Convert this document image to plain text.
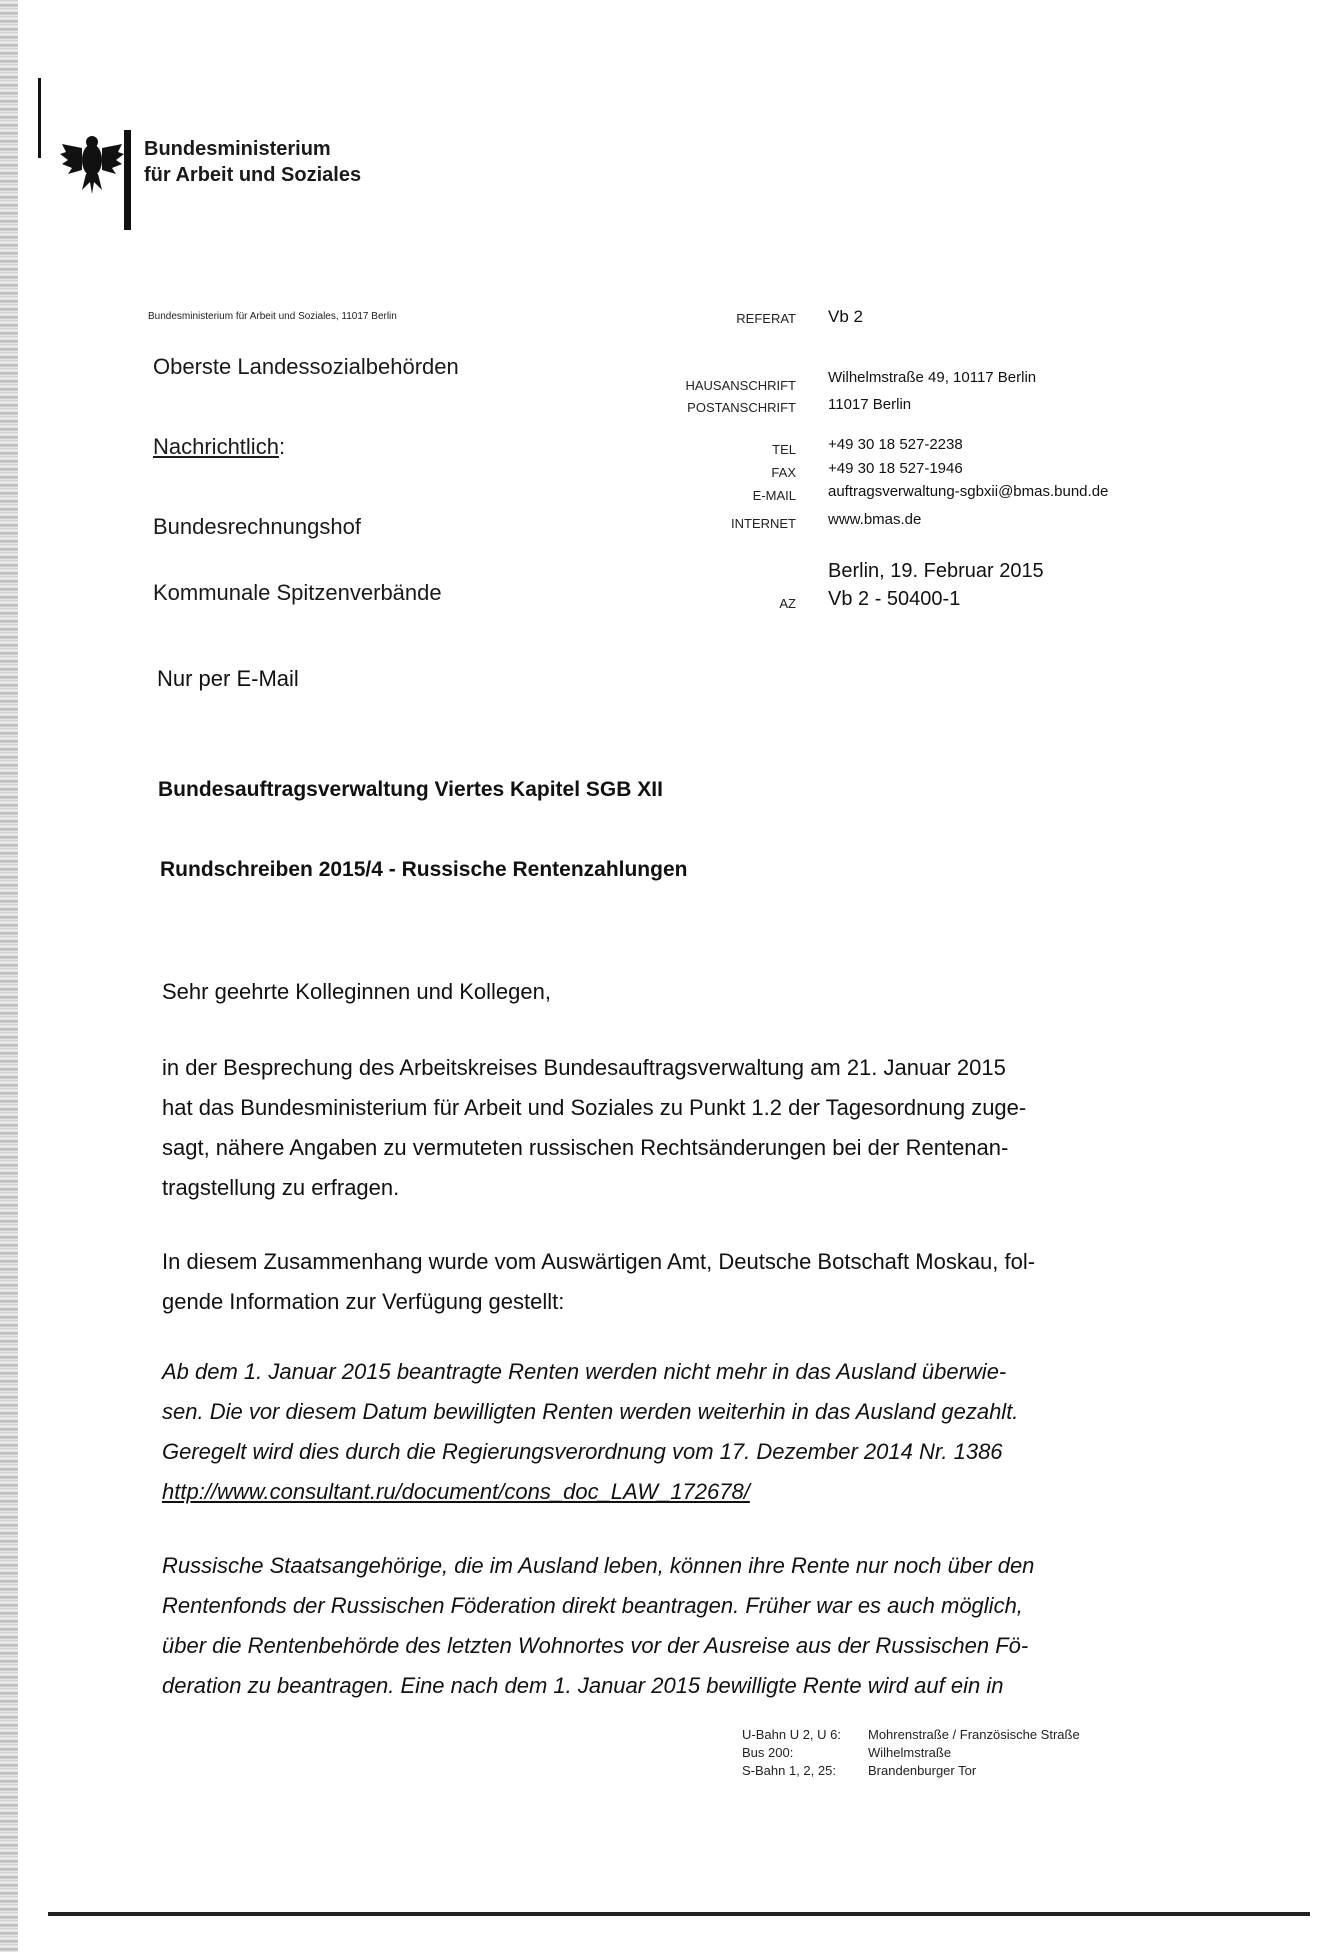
Bundesministerium
für Arbeit und Soziales
Bundesministerium für Arbeit und Soziales, 11017 Berlin
Oberste Landessozialbehörden
Nachrichtlich:
Bundesrechnungshof
Kommunale Spitzenverbände
REFERAT
HAUSANSCHRIFT
POSTANSCHRIFT
TEL
FAX
E-MAIL
INTERNET
AZ
Vb 2
Wilhelmstraße 49, 10117 Berlin
11017 Berlin
+49 30 18 527-2238
+49 30 18 527-1946
auftragsverwaltung-sgbxii@bmas.bund.de
www.bmas.de
Berlin, 19. Februar 2015
Vb 2 - 50400-1
Nur per E-Mail
Bundesauftragsverwaltung Viertes Kapitel SGB XII
Rundschreiben 2015/4 - Russische Rentenzahlungen
Sehr geehrte Kolleginnen und Kollegen,
in der Besprechung des Arbeitskreises Bundesauftragsverwaltung am 21. Januar 2015
hat das Bundesministerium für Arbeit und Soziales zu Punkt 1.2 der Tagesordnung zuge-
sagt, nähere Angaben zu vermuteten russischen Rechtsänderungen bei der Rentenan-
tragstellung zu erfragen.
In diesem Zusammenhang wurde vom Auswärtigen Amt, Deutsche Botschaft Moskau, fol-
gende Information zur Verfügung gestellt:
Ab dem 1. Januar 2015 beantragte Renten werden nicht mehr in das Ausland überwie-
sen. Die vor diesem Datum bewilligten Renten werden weiterhin in das Ausland gezahlt.
Geregelt wird dies durch die Regierungsverordnung vom 17. Dezember 2014 Nr. 1386
http://www.consultant.ru/document/cons_doc_LAW_172678/
Russische Staatsangehörige, die im Ausland leben, können ihre Rente nur noch über den
Rentenfonds der Russischen Föderation direkt beantragen. Früher war es auch möglich,
über die Rentenbehörde des letzten Wohnortes vor der Ausreise aus der Russischen Fö-
deration zu beantragen. Eine nach dem 1. Januar 2015 bewilligte Rente wird auf ein in
U-Bahn U 2, U 6:
Bus 200:
S-Bahn 1, 2, 25:
Mohrenstraße / Französische Straße
Wilhelmstraße
Brandenburger Tor
